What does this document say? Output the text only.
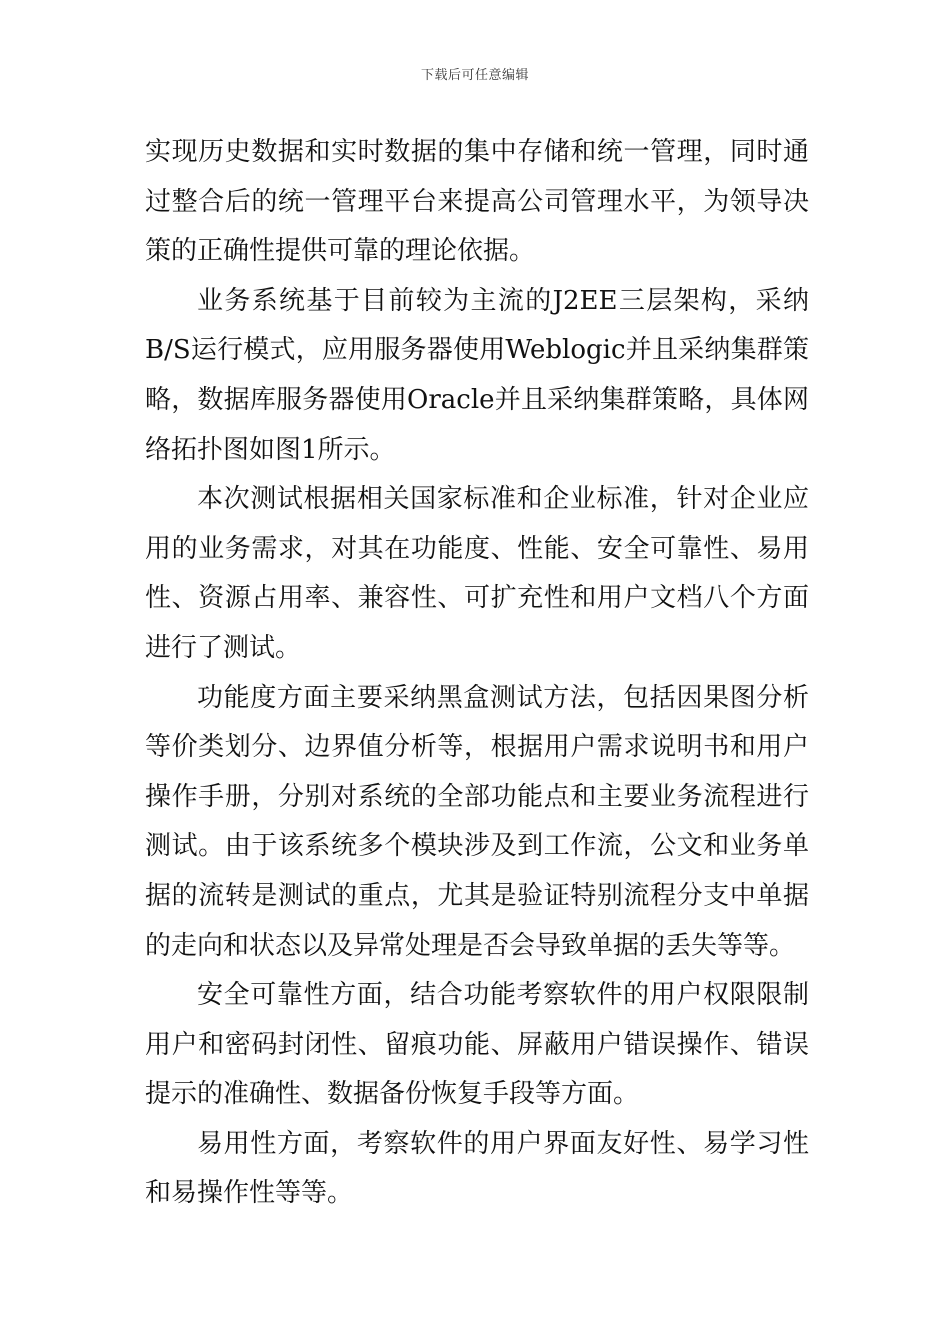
下载后可任意编辑

实现历史数据和实时数据的集中存储和统一管理，同时通过整合后的统一管理平台来提高公司管理水平，为领导决策的正确性提供可靠的理论依据。

业务系统基于目前较为主流的J2EE三层架构，采纳B/S运行模式，应用服务器使用Weblogic并且采纳集群策略，数据库服务器使用Oracle并且采纳集群策略，具体网络拓扑图如图1所示。

本次测试根据相关国家标准和企业标准，针对企业应用的业务需求，对其在功能度、性能、安全可靠性、易用性、资源占用率、兼容性、可扩充性和用户文档八个方面进行了测试。

功能度方面主要采纳黑盒测试方法，包括因果图分析等价类划分、边界值分析等，根据用户需求说明书和用户操作手册，分别对系统的全部功能点和主要业务流程进行测试。由于该系统多个模块涉及到工作流，公文和业务单据的流转是测试的重点，尤其是验证特别流程分支中单据的走向和状态以及异常处理是否会导致单据的丢失等等。

安全可靠性方面，结合功能考察软件的用户权限限制用户和密码封闭性、留痕功能、屏蔽用户错误操作、错误提示的准确性、数据备份恢复手段等方面。

易用性方面，考察软件的用户界面友好性、易学习性和易操作性等等。
